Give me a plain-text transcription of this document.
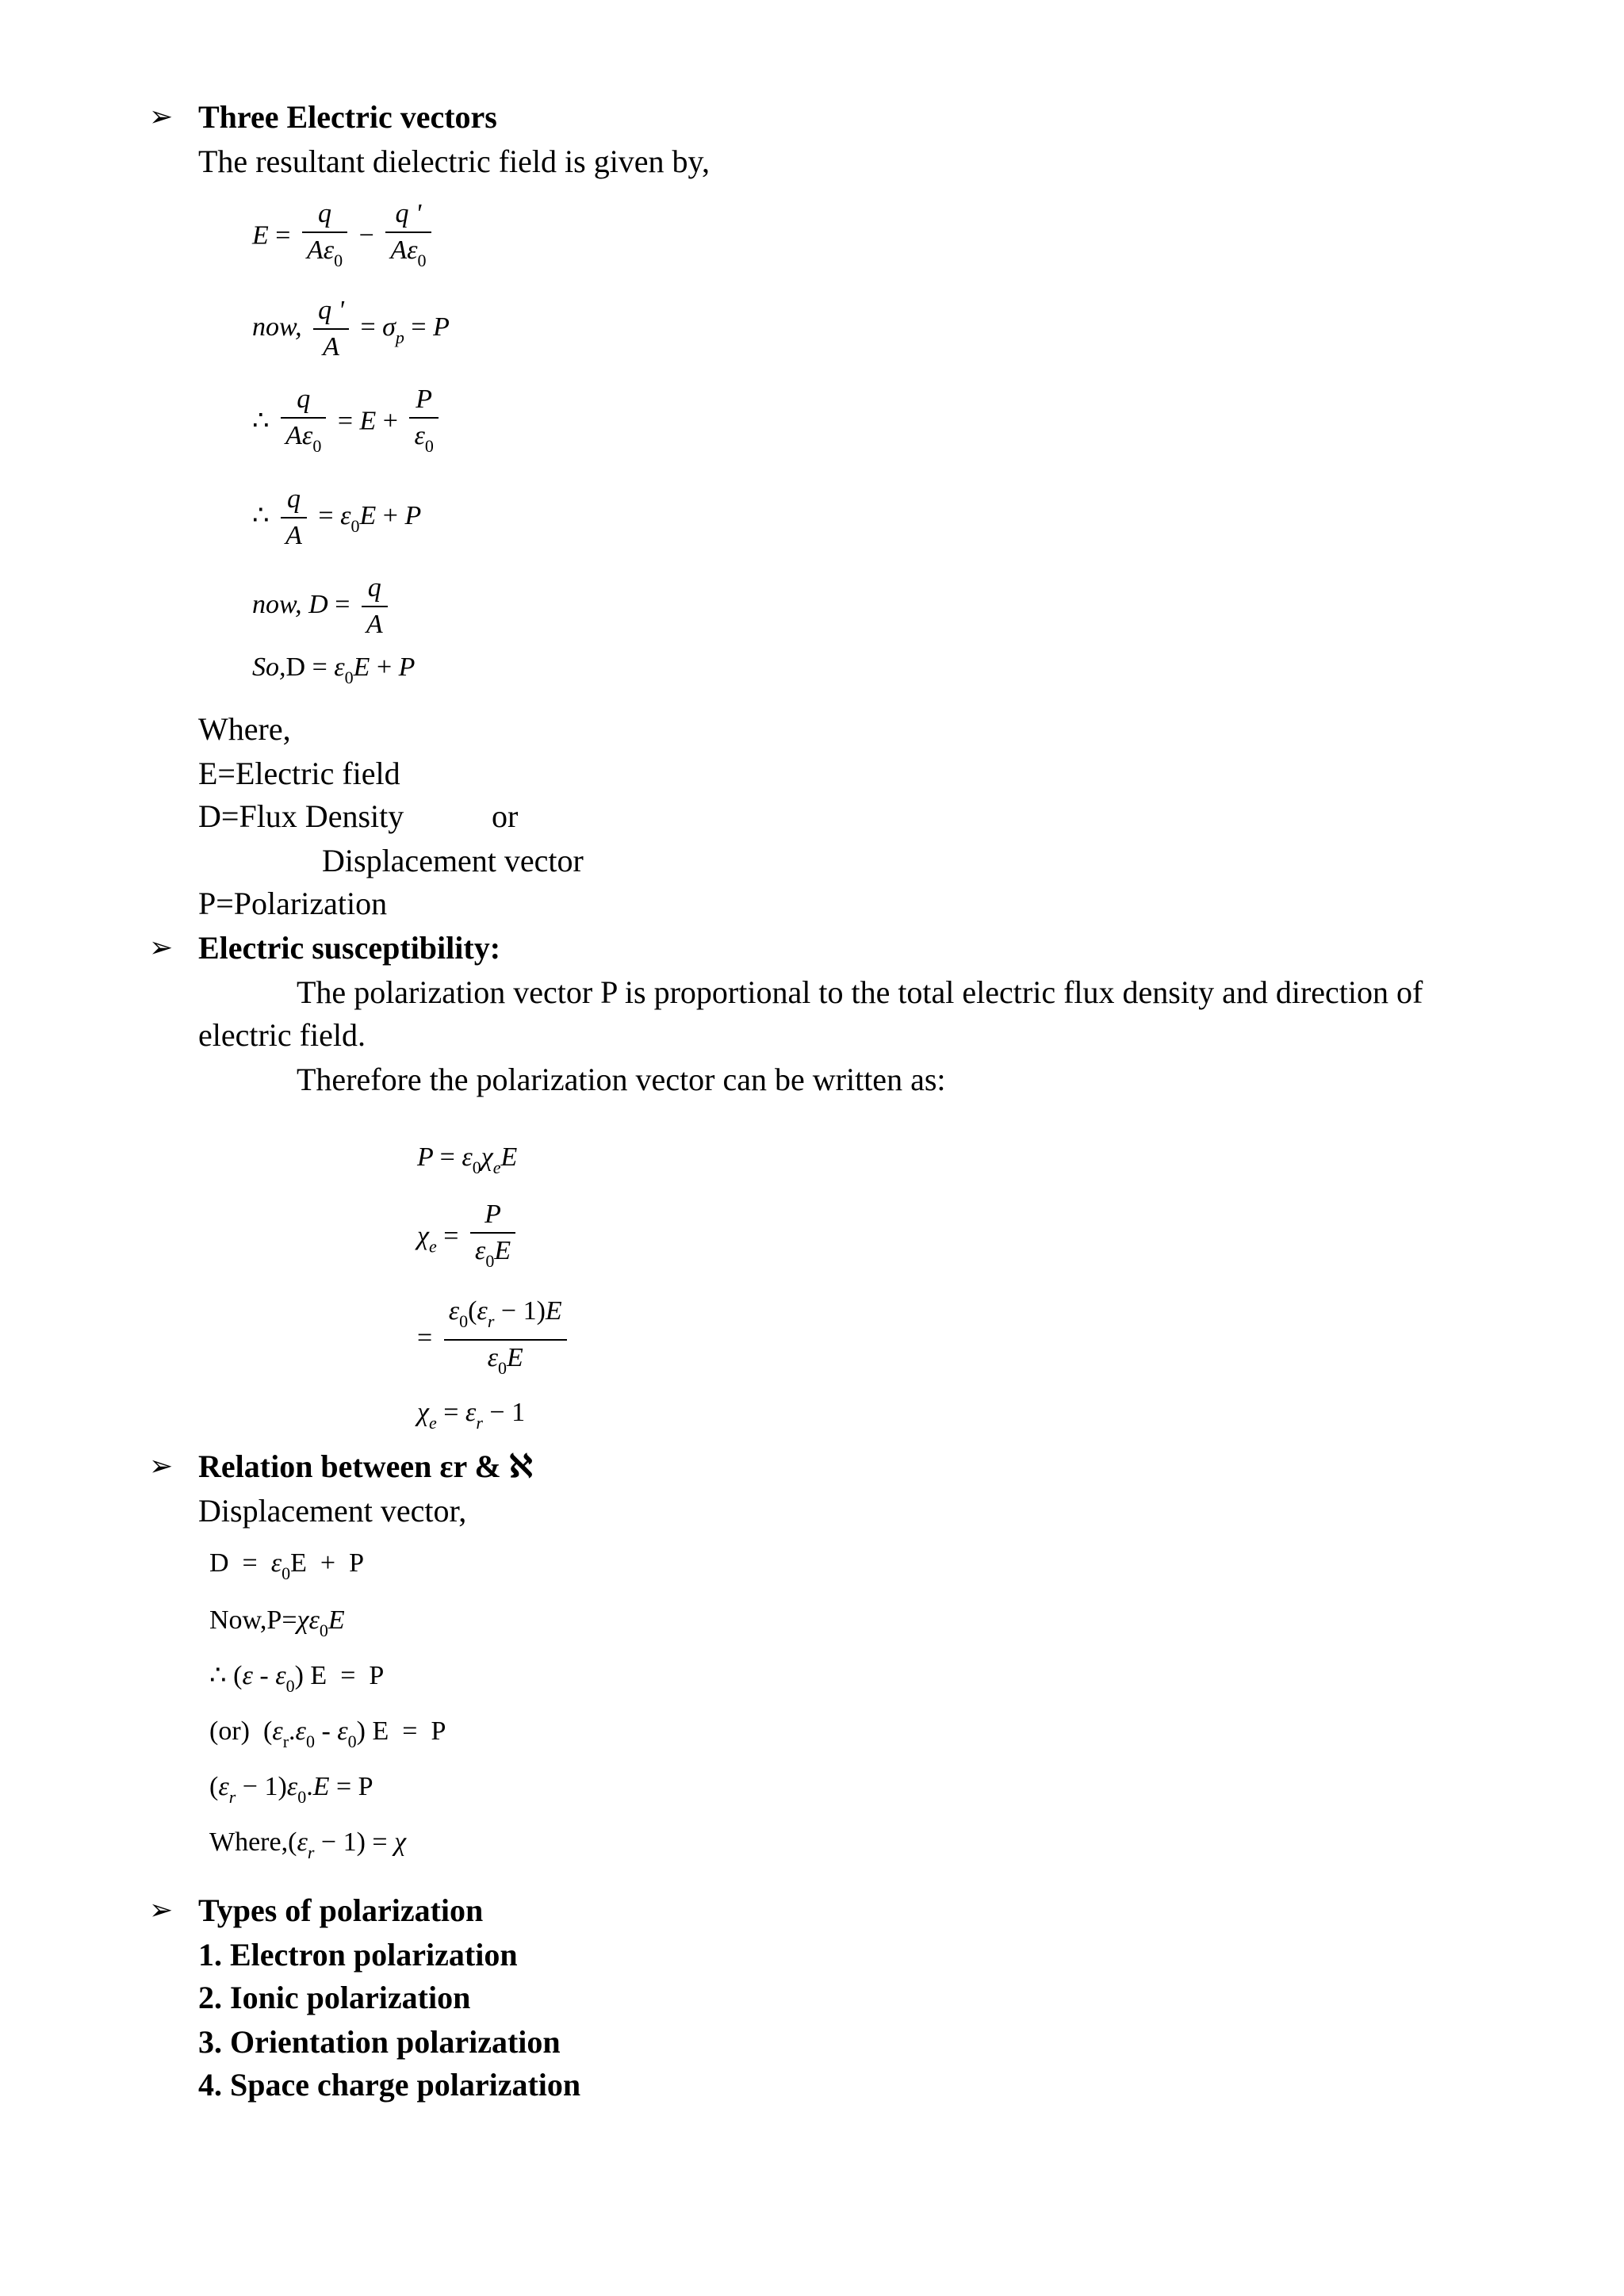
➢ Three Electric vectors
The resultant dielectric field is given by,
$E = \frac{q}{A\varepsilon_0} - \frac{q '}{A\varepsilon_0}$
now, $\frac{q '}{A} = \sigma_p = P$
∴ $\frac{q}{A\varepsilon_0} = E + \frac{P}{\varepsilon_0}$
∴ $\frac{q}{A} = \varepsilon_0E + P$
now, $D = \frac{q}{A}$
$So,D = \varepsilon_0E + P$
Where,
E=Electric field
D=Flux Density	or
Displacement vector
P=Polarization
➢ Electric susceptibility:
The polarization vector P is proportional to the total electric flux density and direction of
electric field.
Therefore the polarization vector can be written as:
$P = \varepsilon_0\chi_eE$
$\chi_e = \frac{P}{\varepsilon_0E}$
= $\frac{\varepsilon_0(\varepsilon_r - 1)E}{\varepsilon_0E}$
$\chi_e = \varepsilon_r - 1$
➢ Relation between εr & ℵ
Displacement vector,
$D = \varepsilon_0E + P$
$Now,P=\chi\varepsilon_0E$
∴ $(\varepsilon - \varepsilon_0)$ E  =  P
(or)  $(\varepsilon_r.\varepsilon_0 - \varepsilon_0) E = P$
$(\varepsilon_r - 1)\varepsilon_0.E = P$
$Where,(\varepsilon_r - 1) = \chi$
➢ Types of polarization
1. Electron polarization
2. Ionic polarization
3. Orientation polarization
4. Space charge polarization
